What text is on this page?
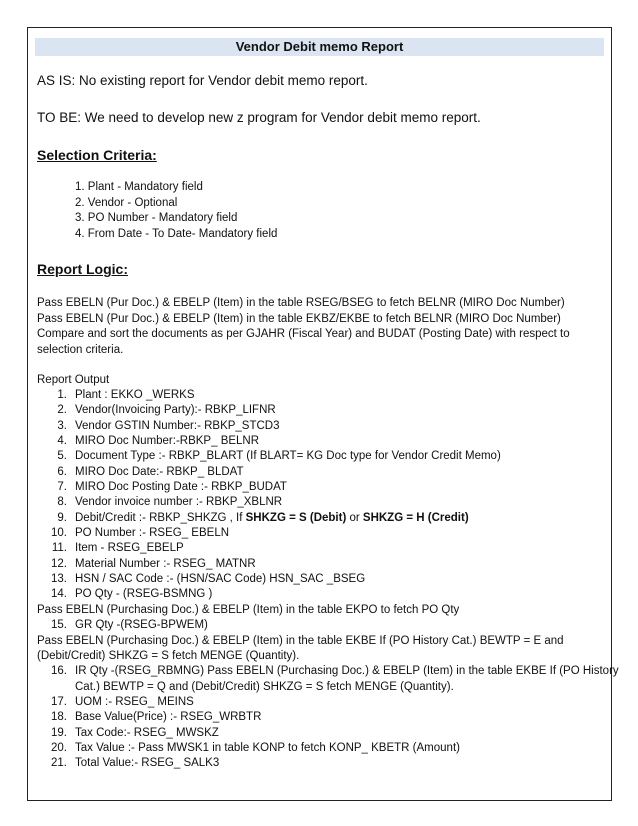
Vendor Debit memo Report
AS IS: No existing report for Vendor debit memo report.
TO BE: We need to develop new z program for Vendor debit memo report.
Selection Criteria:
1. Plant - Mandatory field
2. Vendor - Optional
3. PO Number - Mandatory field
4. From Date - To Date- Mandatory field
Report Logic:
Pass EBELN (Pur Doc.) & EBELP (Item) in the table RSEG/BSEG to fetch BELNR (MIRO Doc Number)
Pass EBELN (Pur Doc.) & EBELP (Item) in the table EKBZ/EKBE to fetch BELNR (MIRO Doc Number)
Compare and sort the documents as per GJAHR (Fiscal Year) and BUDAT (Posting Date) with respect to
selection criteria.
Report Output
1. Plant : EKKO _WERKS
2. Vendor(Invoicing Party):- RBKP_LIFNR
3. Vendor GSTIN Number:- RBKP_STCD3
4. MIRO Doc Number:-RBKP_ BELNR
5. Document Type :- RBKP_BLART (If BLART= KG Doc type for Vendor Credit Memo)
6. MIRO Doc Date:- RBKP_ BLDAT
7. MIRO Doc Posting Date :- RBKP_BUDAT
8. Vendor invoice number :- RBKP_XBLNR
9. Debit/Credit :- RBKP_SHKZG , If SHKZG = S (Debit) or SHKZG = H (Credit)
10. PO Number :- RSEG_ EBELN
11. Item - RSEG_EBELP
12. Material Number :- RSEG_ MATNR
13. HSN / SAC Code :- (HSN/SAC Code) HSN_SAC _BSEG
14. PO Qty - (RSEG-BSMNG )
Pass EBELN (Purchasing Doc.) & EBELP (Item) in the table EKPO to fetch PO Qty
15. GR Qty -(RSEG-BPWEM)
Pass EBELN (Purchasing Doc.) & EBELP (Item) in the table EKBE If (PO History Cat.) BEWTP = E and
(Debit/Credit) SHKZG = S fetch MENGE (Quantity).
16. IR Qty -(RSEG_RBMNG) Pass EBELN (Purchasing Doc.) & EBELP (Item) in the table EKBE If (PO History
Cat.) BEWTP = Q and (Debit/Credit) SHKZG = S fetch MENGE (Quantity).
17. UOM :- RSEG_ MEINS
18. Base Value(Price) :- RSEG_WRBTR
19. Tax Code:- RSEG_ MWSKZ
20. Tax Value :- Pass MWSK1 in table KONP to fetch KONP_ KBETR (Amount)
21. Total Value:- RSEG_ SALK3
